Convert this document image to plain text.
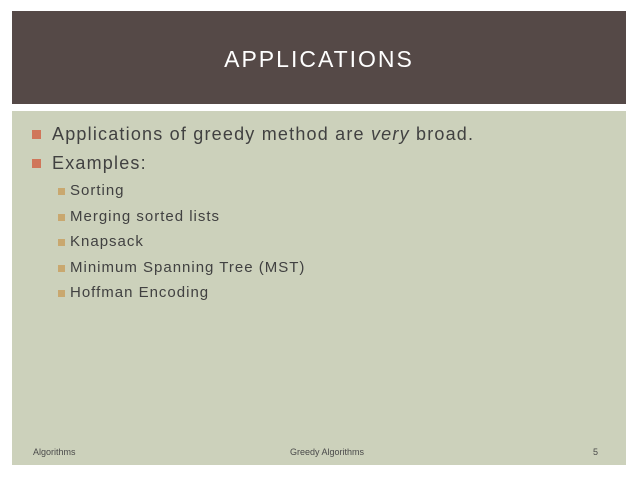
APPLICATIONS
Applications of greedy method are very broad.
Examples:
Sorting
Merging sorted lists
Knapsack
Minimum Spanning Tree (MST)
Hoffman Encoding
Algorithms	Greedy Algorithms	5
